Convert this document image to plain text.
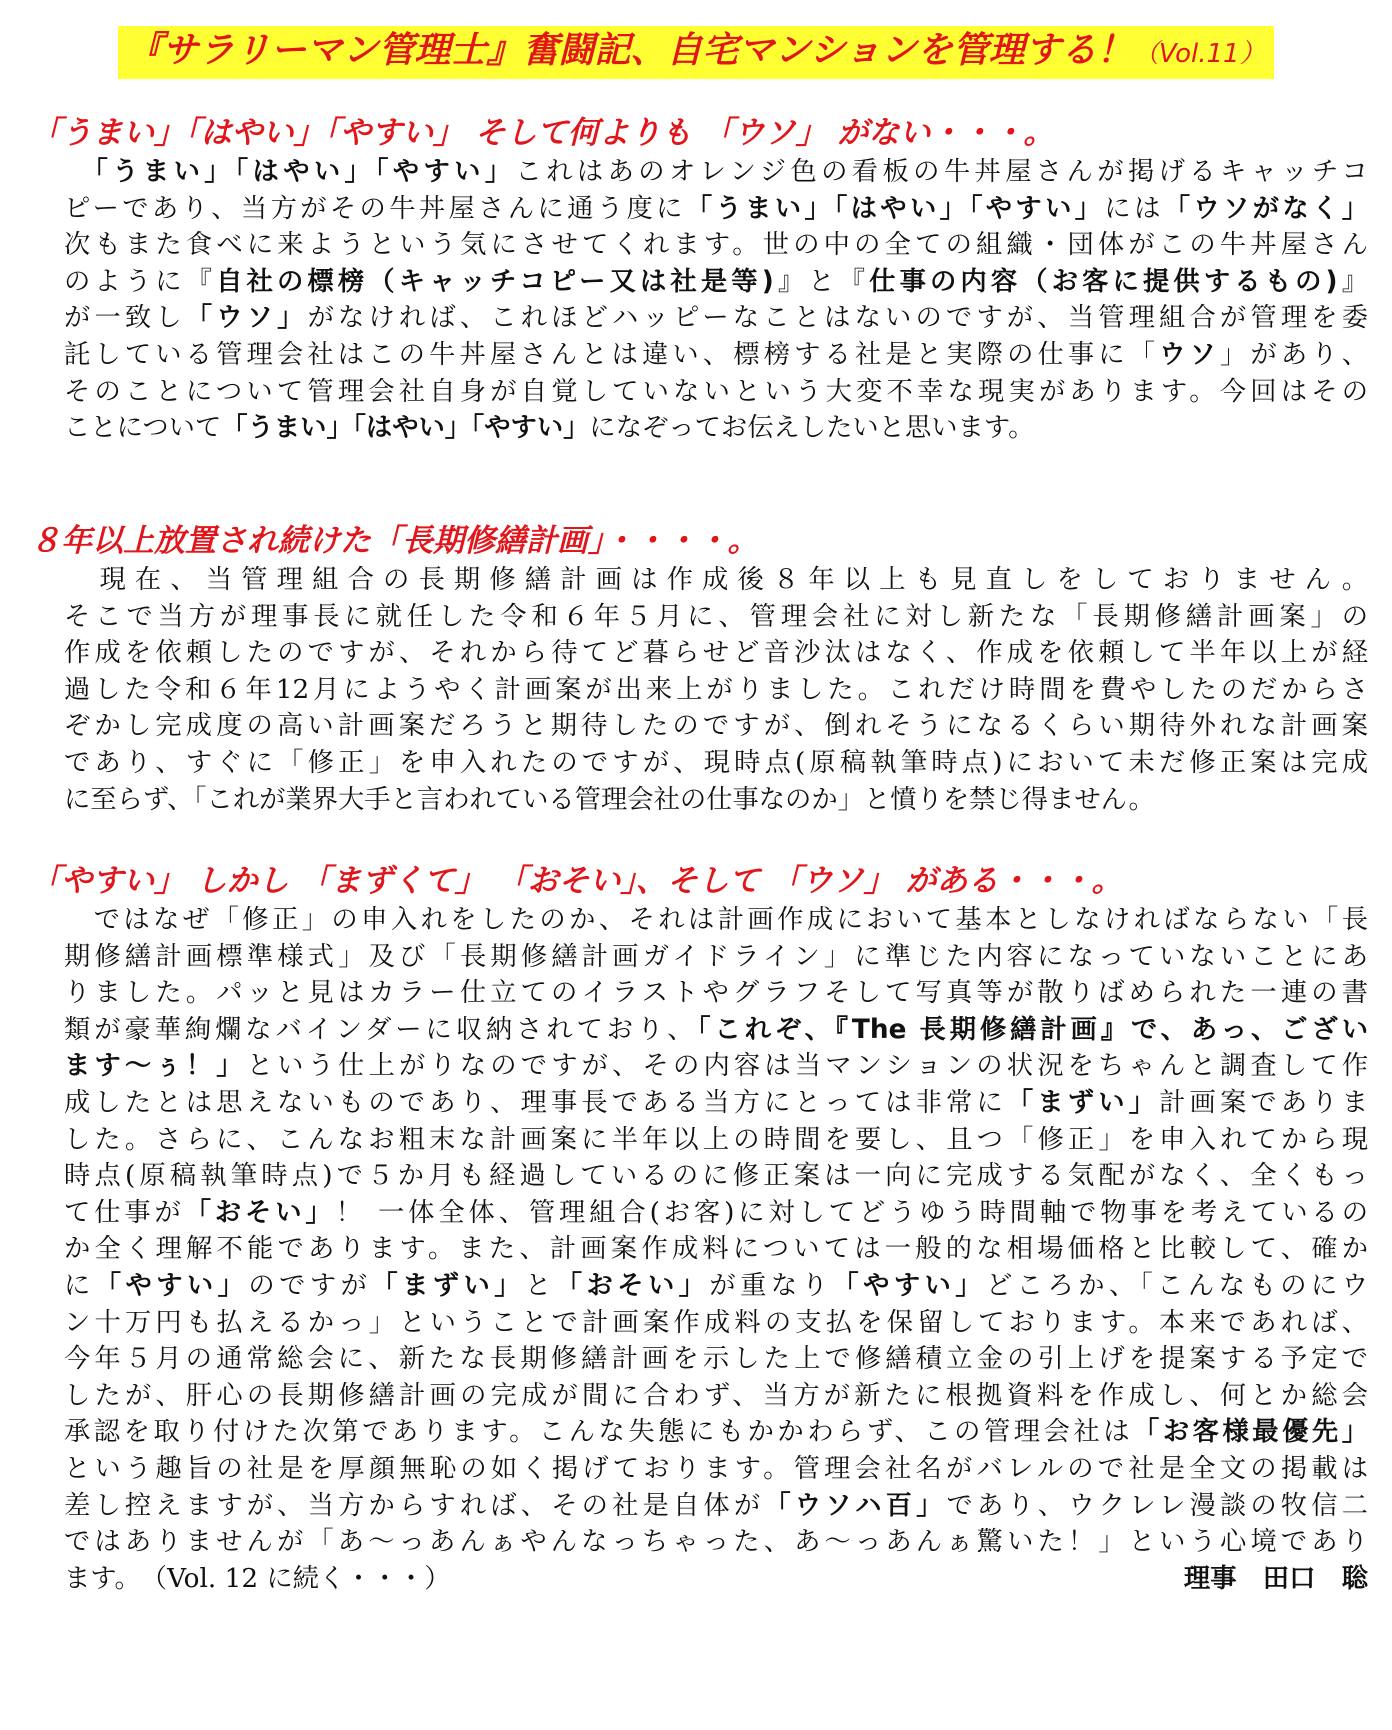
『サラリーマン管理士』奮闘記、自宅マンションを管理する！（Vol.11）
「うまい」「はやい」「やすい」 そして何よりも 「ウソ」 がない・・・。
　「うまい」「はやい」「やすい」これはあのオレンジ色の看板の牛丼屋さんが掲げるキャッチコ
ピーであり、当方がその牛丼屋さんに通う度に「うまい」「はやい」「やすい」には「ウソがなく」
次もまた食べに来ようという気にさせてくれます。世の中の全ての組織・団体がこの牛丼屋さん
のように『自社の標榜（キャッチコピー又は社是等)』と『仕事の内容（お客に提供するもの)』
が一致し「ウソ」がなければ、これほどハッピーなことはないのですが、当管理組合が管理を委
託している管理会社はこの牛丼屋さんとは違い、標榜する社是と実際の仕事に「ウソ」があり、
そのことについて管理会社自身が自覚していないという大変不幸な現実があります。今回はその
ことについて「うまい」「はやい」「やすい」になぞってお伝えしたいと思います。
８年以上放置され続けた「長期修繕計画」・・・・。
　現在、当管理組合の長期修繕計画は作成後８年以上も見直しをしておりません。
そこで当方が理事長に就任した令和６年５月に、管理会社に対し新たな「長期修繕計画案」の
作成を依頼したのですが、それから待てど暮らせど音沙汰はなく、作成を依頼して半年以上が経
過した令和６年12月にようやく計画案が出来上がりました。これだけ時間を費やしたのだからさ
ぞかし完成度の高い計画案だろうと期待したのですが、倒れそうになるくらい期待外れな計画案
であり、すぐに「修正」を申入れたのですが、現時点(原稿執筆時点)において未だ修正案は完成
に至らず、「これが業界大手と言われている管理会社の仕事なのか」と憤りを禁じ得ません。
「やすい」 しかし 「まずくて」 「おそい」、そして 「ウソ」 がある・・・。
　ではなぜ「修正」の申入れをしたのか、それは計画作成において基本としなければならない「長
期修繕計画標準様式」及び「長期修繕計画ガイドライン」に準じた内容になっていないことにあ
りました。パッと見はカラー仕立てのイラストやグラフそして写真等が散りばめられた一連の書
類が豪華絢爛なバインダーに収納されており、「これぞ、『The 長期修繕計画』で、あっ、ござい
ます～ぅ！」という仕上がりなのですが、その内容は当マンションの状況をちゃんと調査して作
成したとは思えないものであり、理事長である当方にとっては非常に「まずい」計画案でありま
した。さらに、こんなお粗末な計画案に半年以上の時間を要し、且つ「修正」を申入れてから現
時点(原稿執筆時点)で５か月も経過しているのに修正案は一向に完成する気配がなく、全くもっ
て仕事が「おそい」！ 一体全体、管理組合(お客)に対してどうゆう時間軸で物事を考えているの
か全く理解不能であります。また、計画案作成料については一般的な相場価格と比較して、確か
に「やすい」のですが「まずい」と「おそい」が重なり「やすい」どころか、「こんなものにウ
ン十万円も払えるかっ」ということで計画案作成料の支払を保留しております。本来であれば、
今年５月の通常総会に、新たな長期修繕計画を示した上で修繕積立金の引上げを提案する予定で
したが、肝心の長期修繕計画の完成が間に合わず、当方が新たに根拠資料を作成し、何とか総会
承認を取り付けた次第であります。こんな失態にもかかわらず、この管理会社は「お客様最優先」
という趣旨の社是を厚顔無恥の如く掲げております。管理会社名がバレルので社是全文の掲載は
差し控えますが、当方からすれば、その社是自体が「ウソハ百」であり、ウクレレ漫談の牧信二
ではありませんが「あ～っあんぁやんなっちゃった、あ～っあんぁ驚いた！」という心境であり
ます。　（Vol. 12 に続く・・・）	理事　田口　聡
